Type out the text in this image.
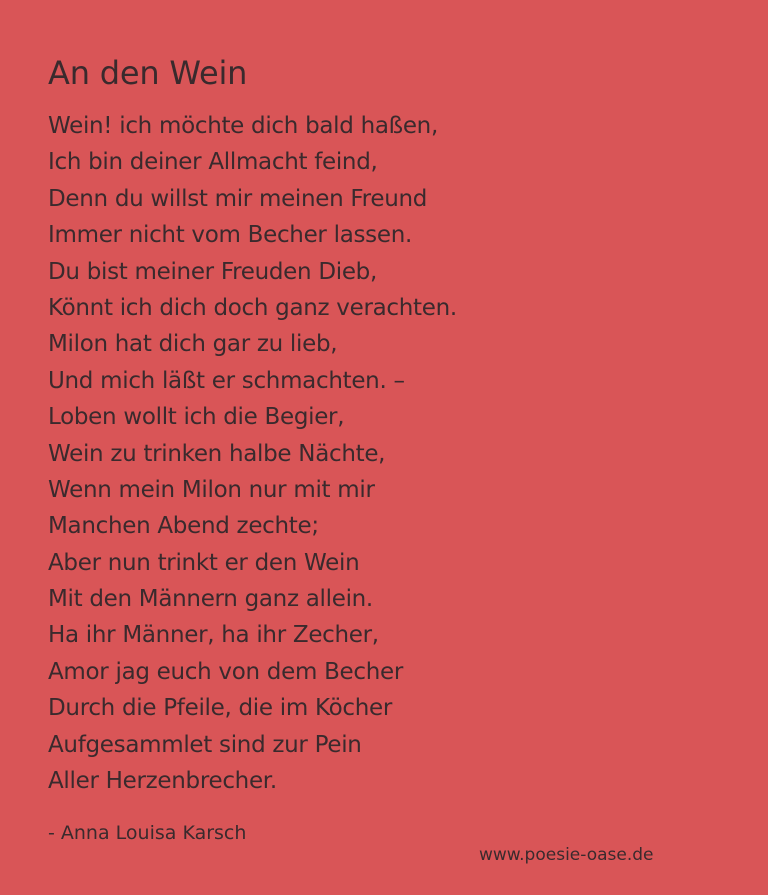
An den Wein
Wein! ich möchte dich bald haßen,
Ich bin deiner Allmacht feind,
Denn du willst mir meinen Freund
Immer nicht vom Becher lassen.
Du bist meiner Freuden Dieb,
Könnt ich dich doch ganz verachten.
Milon hat dich gar zu lieb,
Und mich läßt er schmachten. –
Loben wollt ich die Begier,
Wein zu trinken halbe Nächte,
Wenn mein Milon nur mit mir
Manchen Abend zechte;
Aber nun trinkt er den Wein
Mit den Männern ganz allein.
Ha ihr Männer, ha ihr Zecher,
Amor jag euch von dem Becher
Durch die Pfeile, die im Köcher
Aufgesammlet sind zur Pein
Aller Herzenbrecher.
- Anna Louisa Karsch
www.poesie-oase.de
